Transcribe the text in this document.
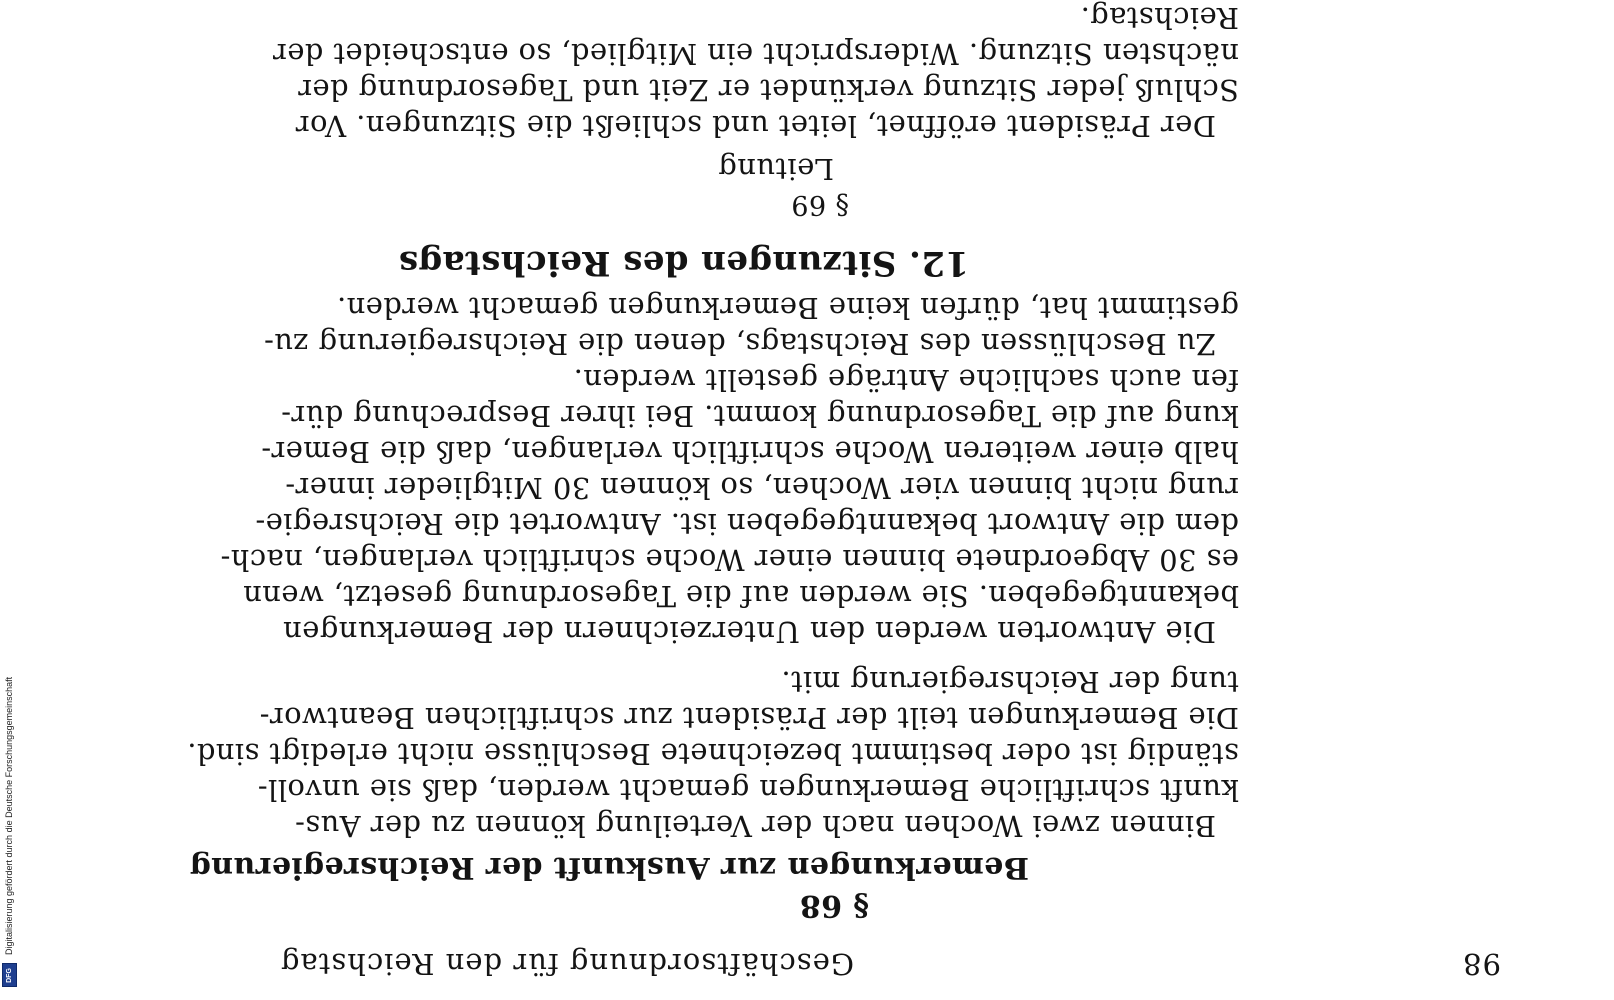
Geschäftsordnung für den Reichstag	98
§ 68
Bemerkungen zur Auskunft der Reichsregierung
Binnen zwei Wochen nach der Verteilung können zu der Aus-
kunft schriftliche Bemerkungen gemacht werden, daß sie unvoll-
ständig ist oder bestimmt bezeichnete Beschlüsse nicht erledigt sind.
Die Bemerkungen teilt der Präsident zur schriftlichen Beantwor-
tung der Reichsregierung mit.
Die Antworten werden den Unterzeichnern der Bemerkungen
bekanntgegeben. Sie werden auf die Tagesordnung gesetzt, wenn
es 30 Abgeordnete binnen einer Woche schriftlich verlangen, nach-
dem die Antwort bekanntgegeben ist. Antwortet die Reichsregie-
rung nicht binnen vier Wochen, so können 30 Mitglieder inner-
halb einer weiteren Woche schriftlich verlangen, daß die Bemer-
kung auf die Tagesordnung kommt. Bei ihrer Besprechung dür-
fen auch sachliche Anträge gestellt werden.
Zu Beschlüssen des Reichstags, denen die Reichsregierung zu-
gestimmt hat, dürfen keine Bemerkungen gemacht werden.
12. Sitzungen des Reichstags
§ 69
Leitung
Der Präsident eröffnet, leitet und schließt die Sitzungen. Vor
Schluß jeder Sitzung verkündet er Zeit und Tagesordnung der
nächsten Sitzung. Widerspricht ein Mitglied, so entscheidet der
Reichstag.
Digitalisierung gefördert durch die Deutsche Forschungsgemeinschaft
DFG
